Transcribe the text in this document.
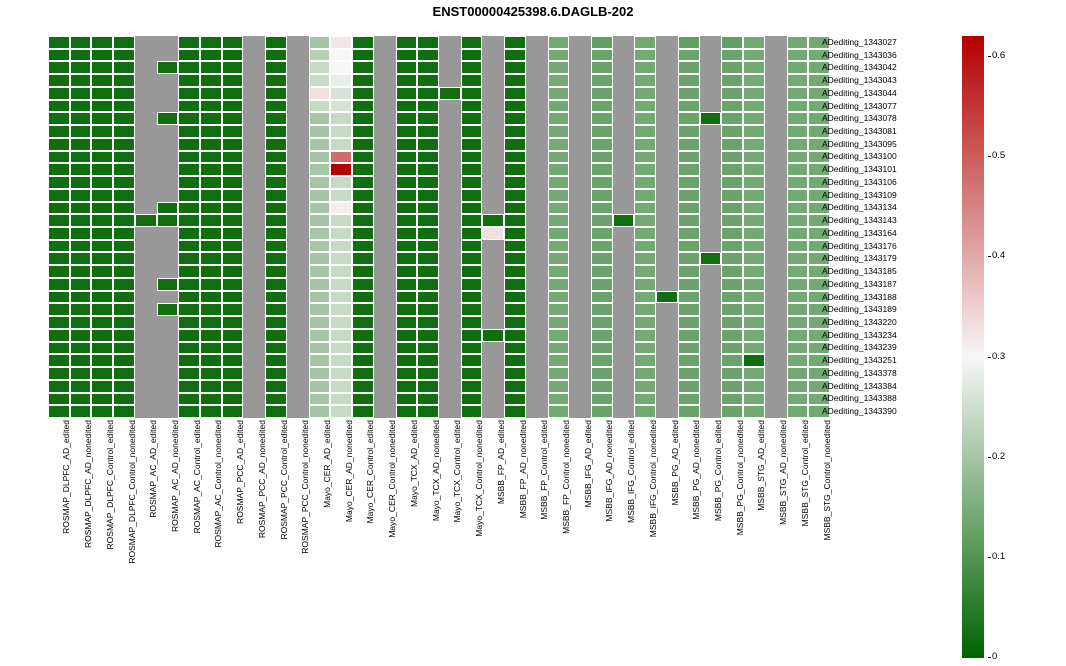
ENST00000425398.6.DAGLB-202
ADediting_1343027
ADediting_1343036
ADediting_1343042
ADediting_1343043
ADediting_1343044
ADediting_1343077
ADediting_1343078
ADediting_1343081
ADediting_1343095
ADediting_1343100
ADediting_1343101
ADediting_1343106
ADediting_1343109
ADediting_1343134
ADediting_1343143
ADediting_1343164
ADediting_1343176
ADediting_1343179
ADediting_1343185
ADediting_1343187
ADediting_1343188
ADediting_1343189
ADediting_1343220
ADediting_1343234
ADediting_1343239
ADediting_1343251
ADediting_1343378
ADediting_1343384
ADediting_1343388
ADediting_1343390
ROSMAP_DLPFC_AD_edited ROSMAP_DLPFC_AD_nonedited ROSMAP_DLPFC_Control_edited ROSMAP_DLPFC_Control_nonedited ROSMAP_AC_AD_edited ROSMAP_AC_AD_nonedited ROSMAP_AC_Control_edited ROSMAP_AC_Control_nonedited ROSMAP_PCC_AD_edited ROSMAP_PCC_AD_nonedited ROSMAP_PCC_Control_edited ROSMAP_PCC_Control_nonedited Mayo_CER_AD_edited Mayo_CER_AD_nonedited Mayo_CER_Control_edited Mayo_CER_Control_nonedited Mayo_TCX_AD_edited Mayo_TCX_AD_nonedited Mayo_TCX_Control_edited Mayo_TCX_Control_nonedited MSBB_FP_AD_edited MSBB_FP_AD_nonedited MSBB_FP_Control_edited MSBB_FP_Control_nonedited MSBB_IFG_AD_edited MSBB_IFG_AD_nonedited MSBB_IFG_Control_edited MSBB_IFG_Control_nonedited MSBB_PG_AD_edited MSBB_PG_AD_nonedited MSBB_PG_Control_edited MSBB_PG_Control_nonedited MSBB_STG_AD_edited MSBB_STG_AD_nonedited MSBB_STG_Control_edited MSBB_STG_Control_nonedited
0
0.1
0.2
0.3
0.4
0.5
0.6
